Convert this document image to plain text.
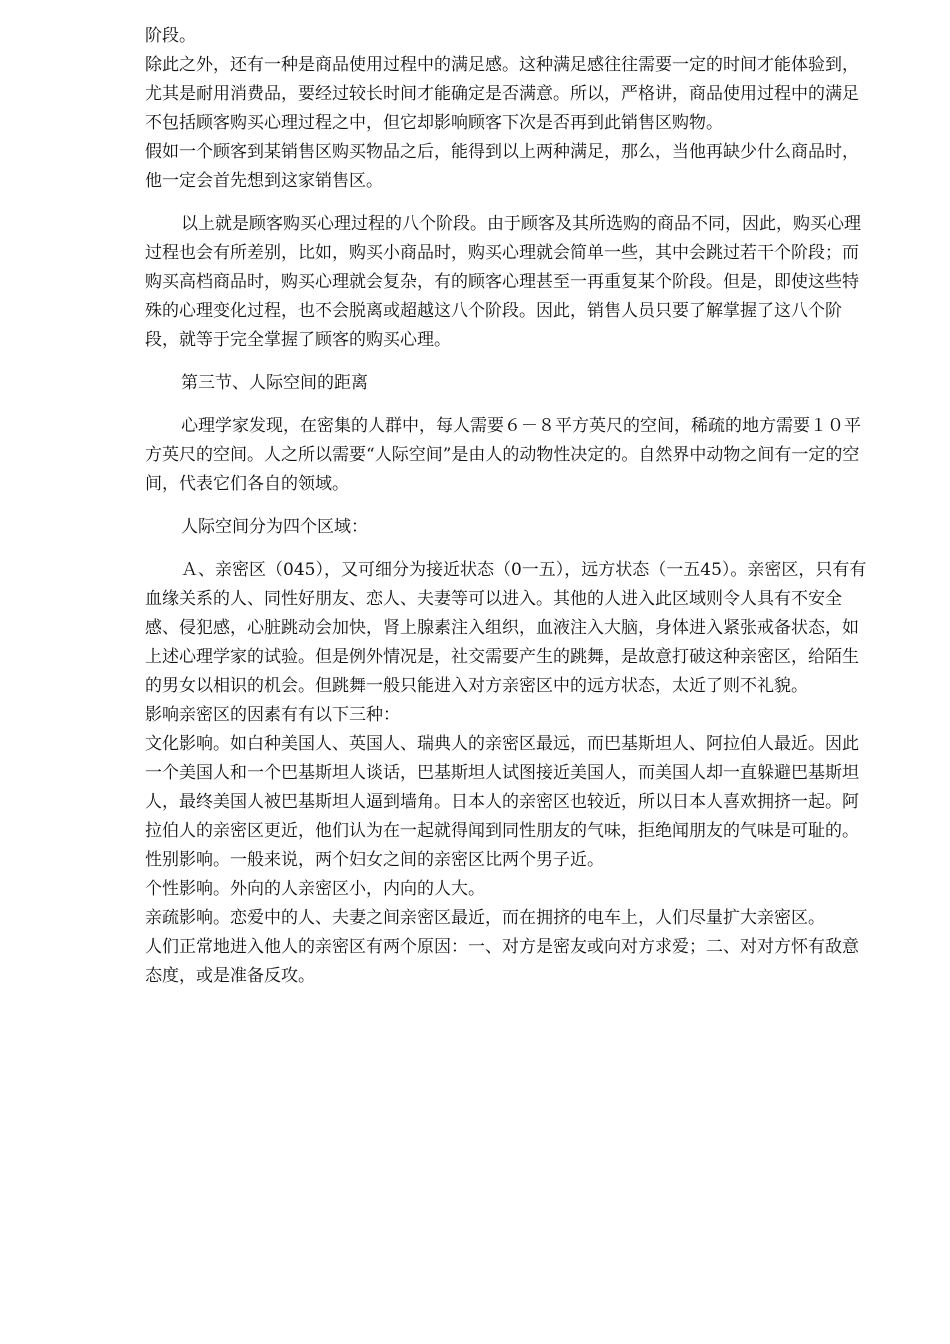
阶段。

除此之外，还有一种是商品使用过程中的满足感。这种满足感往往需要一定的时间才能体验到，尤其是耐用消费品，要经过较长时间才能确定是否满意。所以，严格讲，商品使用过程中的满足不包括顾客购买心理过程之中，但它却影响顾客下次是否再到此销售区购物。

假如一个顾客到某销售区购买物品之后，能得到以上两种满足，那么，当他再缺少什么商品时，他一定会首先想到这家销售区。

以上就是顾客购买心理过程的八个阶段。由于顾客及其所选购的商品不同，因此，购买心理过程也会有所差别，比如，购买小商品时，购买心理就会简单一些，其中会跳过若干个阶段；而购买高档商品时，购买心理就会复杂，有的顾客心理甚至一再重复某个阶段。但是，即使这些特殊的心理变化过程，也不会脱离或超越这八个阶段。因此，销售人员只要了解掌握了这八个阶段，就等于完全掌握了顾客的购买心理。

第三节、人际空间的距离

心理学家发现，在密集的人群中，每人需要６－８平方英尺的空间，稀疏的地方需要１０平方英尺的空间。人之所以需要“人际空间”是由人的动物性决定的。自然界中动物之间有一定的空间，代表它们各自的领域。

人际空间分为四个区域：

Ａ、亲密区（045），又可细分为接近状态（0一五），远方状态（一五45）。亲密区，只有有血缘关系的人、同性好朋友、恋人、夫妻等可以进入。其他的人进入此区域则令人具有不安全感、侵犯感，心脏跳动会加快，肾上腺素注入组织，血液注入大脑，身体进入紧张戒备状态，如上述心理学家的试验。但是例外情况是，社交需要产生的跳舞，是故意打破这种亲密区，给陌生的男女以相识的机会。但跳舞一般只能进入对方亲密区中的远方状态，太近了则不礼貌。

影响亲密区的因素有有以下三种：

文化影响。如白种美国人、英国人、瑞典人的亲密区最远，而巴基斯坦人、阿拉伯人最近。因此一个美国人和一个巴基斯坦人谈话，巴基斯坦人试图接近美国人，而美国人却一直躲避巴基斯坦人，最终美国人被巴基斯坦人逼到墙角。日本人的亲密区也较近，所以日本人喜欢拥挤一起。阿拉伯人的亲密区更近，他们认为在一起就得闻到同性朋友的气味，拒绝闻朋友的气味是可耻的。

性别影响。一般来说，两个妇女之间的亲密区比两个男子近。

个性影响。外向的人亲密区小，内向的人大。

亲疏影响。恋爱中的人、夫妻之间亲密区最近，而在拥挤的电车上，人们尽量扩大亲密区。

人们正常地进入他人的亲密区有两个原因：一、对方是密友或向对方求爱；二、对对方怀有敌意态度，或是准备反攻。
